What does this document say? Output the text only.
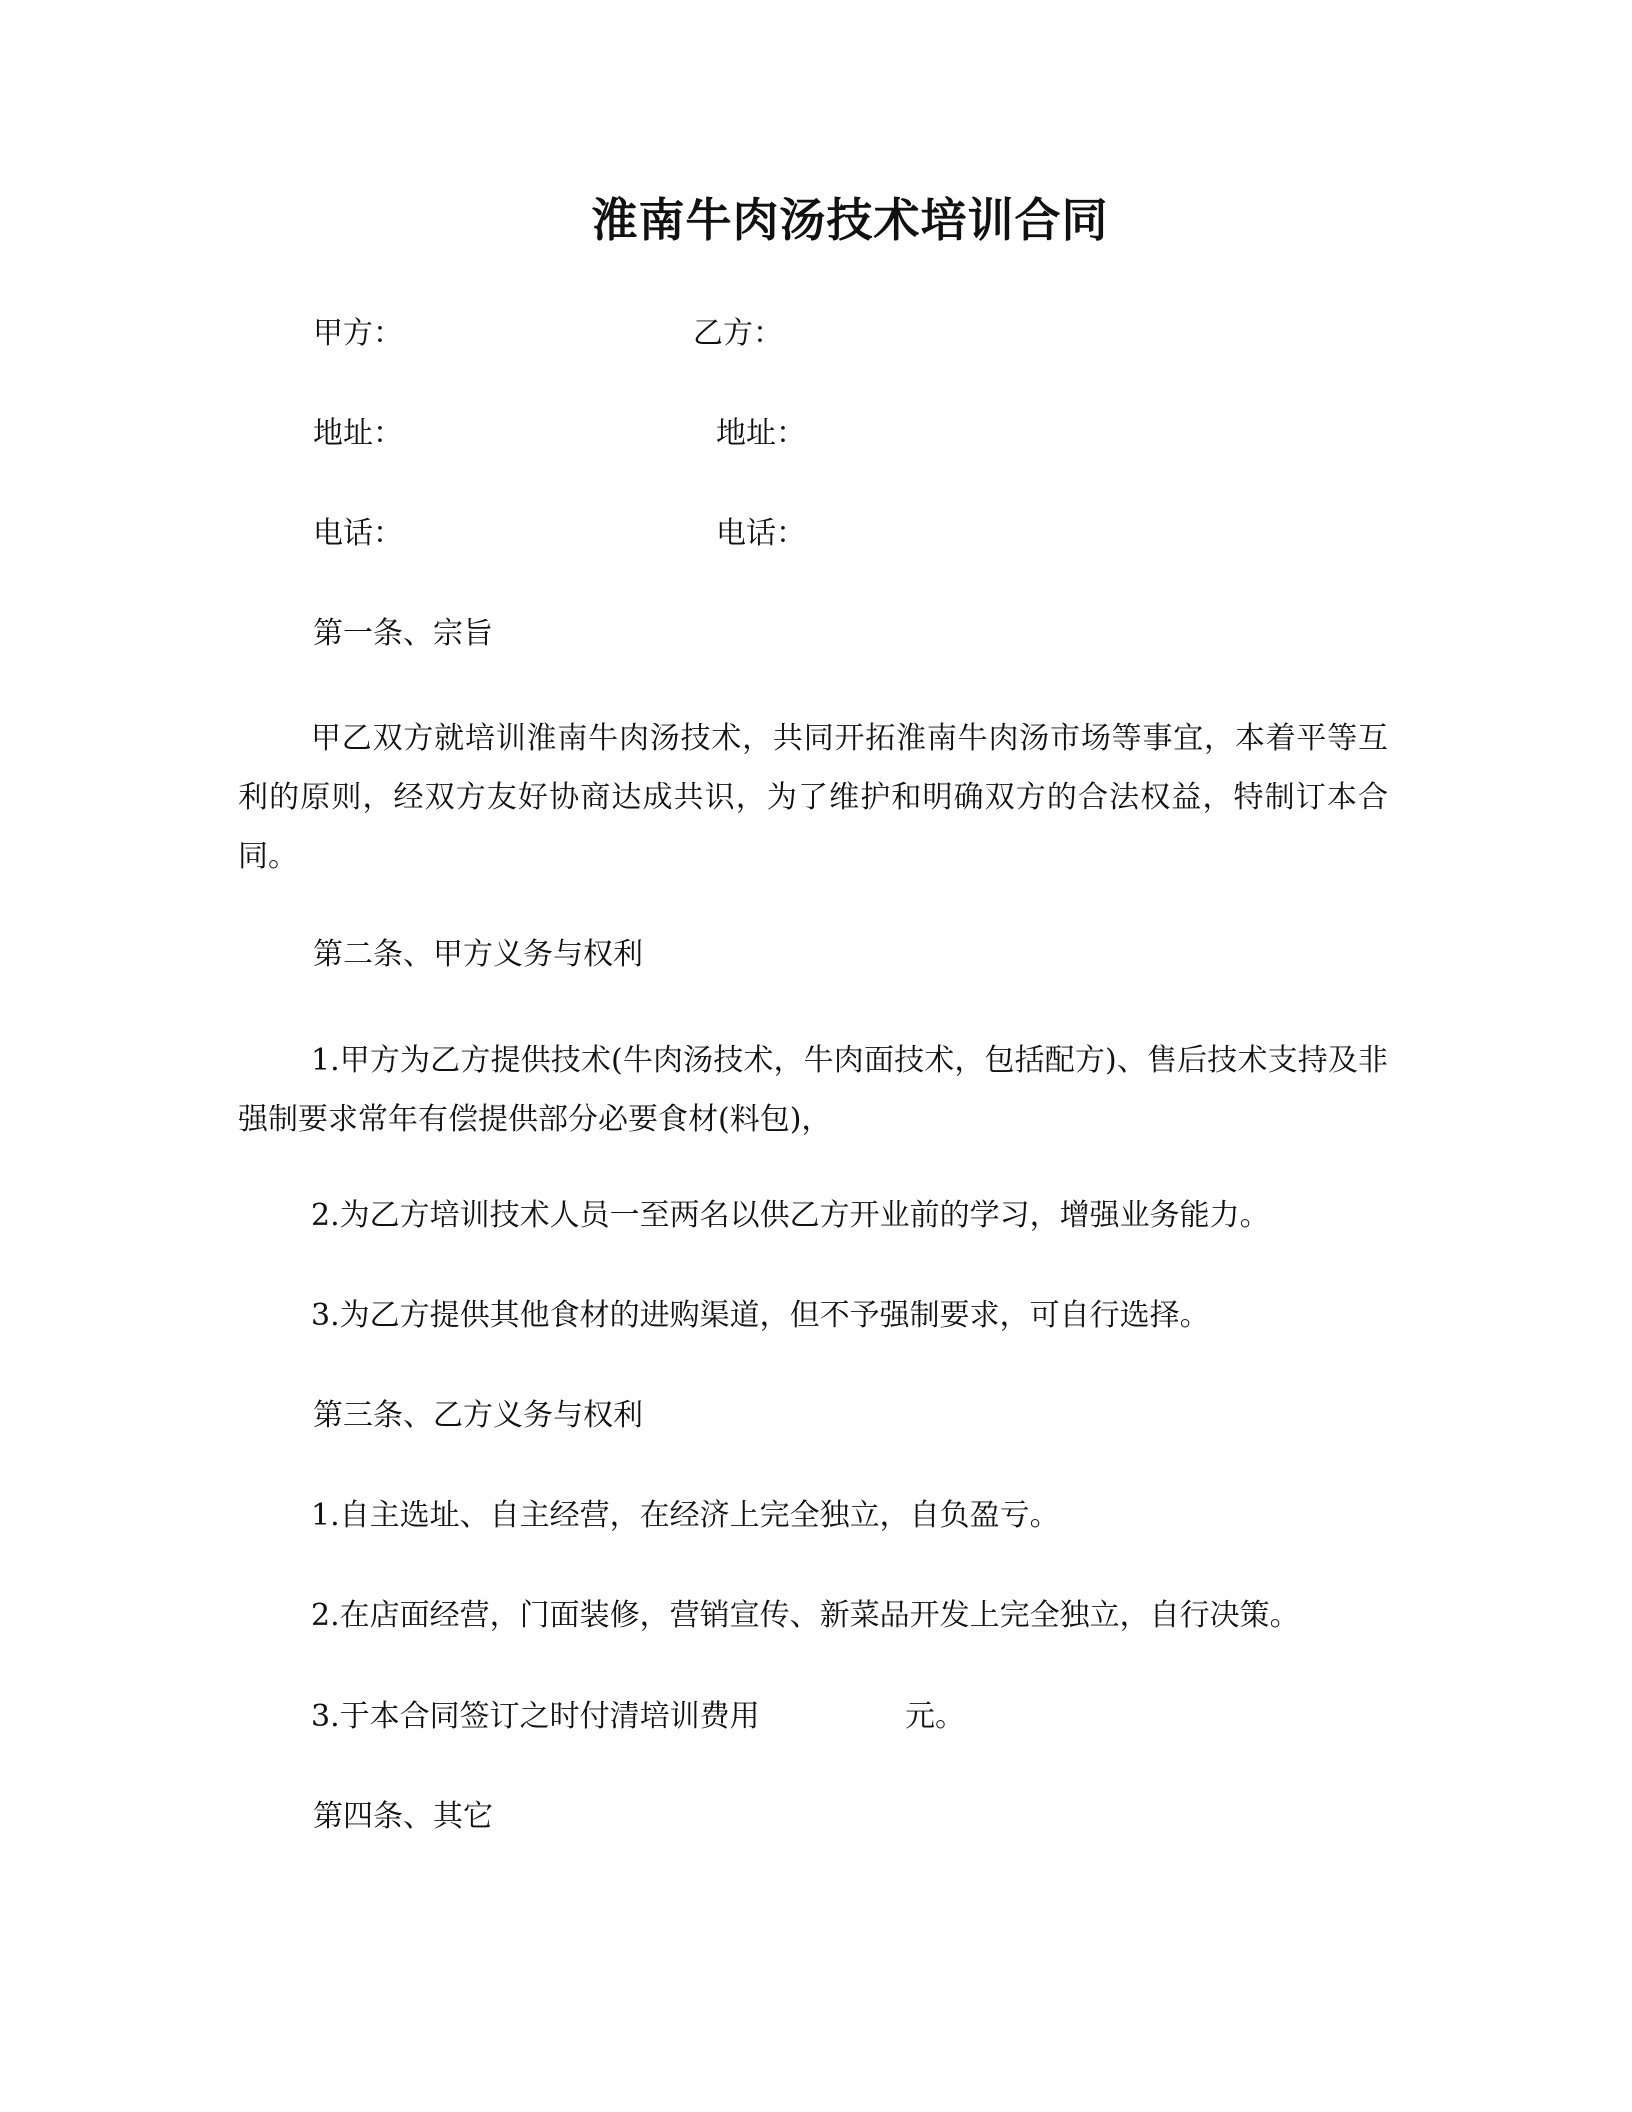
淮南牛肉汤技术培训合同
甲方：	乙方：
地址：	地址：
电话：	电话：
第一条、宗旨
甲乙双方就培训淮南牛肉汤技术，共同开拓淮南牛肉汤市场等事宜，本着平等互利的原则，经双方友好协商达成共识，为了维护和明确双方的合法权益，特制订本合同。
第二条、甲方义务与权利
1.甲方为乙方提供技术(牛肉汤技术，牛肉面技术，包括配方)、售后技术支持及非强制要求常年有偿提供部分必要食材(料包)，
2.为乙方培训技术人员一至两名以供乙方开业前的学习，增强业务能力。
3.为乙方提供其他食材的进购渠道，但不予强制要求，可自行选择。
第三条、乙方义务与权利
1.自主选址、自主经营，在经济上完全独立，自负盈亏。
2.在店面经营，门面装修，营销宣传、新菜品开发上完全独立，自行决策。
3.于本合同签订之时付清培训费用	元。
第四条、其它
